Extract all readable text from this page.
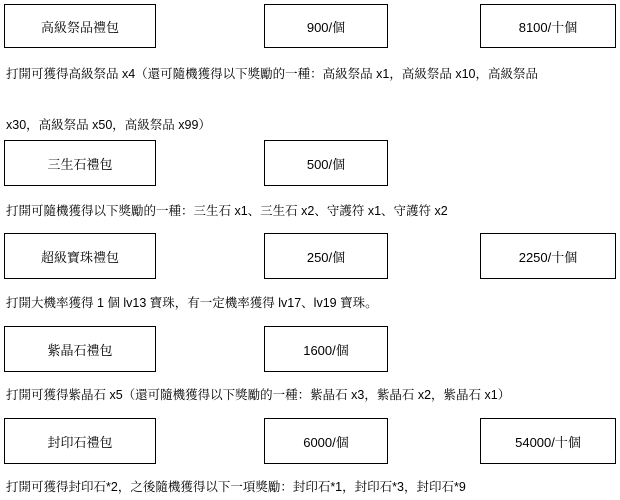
高級祭品禮包	900/個	8100/十個
打開可獲得高級祭品 x4（還可隨機獲得以下獎勵的一種：高級祭品 x1，高級祭品 x10，高級祭品
x30，高級祭品 x50，高級祭品 x99）
三生石禮包	500/個
打開可隨機獲得以下獎勵的一種：三生石 x1、三生石 x2、守護符 x1、守護符 x2
超級寶珠禮包	250/個	2250/十個
打開大機率獲得 1 個 lv13 寶珠，有一定機率獲得 lv17、lv19 寶珠。
紫晶石禮包	1600/個
打開可獲得紫晶石 x5（還可隨機獲得以下獎勵的一種：紫晶石 x3，紫晶石 x2，紫晶石 x1）
封印石禮包	6000/個	54000/十個
打開可獲得封印石*2，之後隨機獲得以下一項獎勵：封印石*1，封印石*3，封印石*9
